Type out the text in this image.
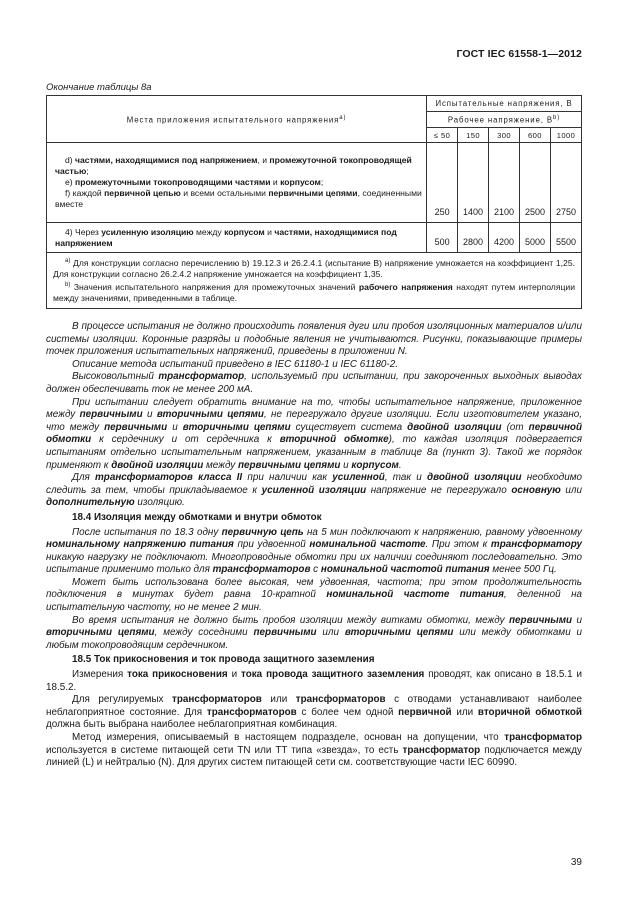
ГОСТ IEC 61558-1—2012
Окончание таблицы 8а
Места приложения испытательного напряжения$^{a)}$	Испытательные напряжения, В				
	Рабочее напряжение, $В^{b)}$
	≤ 50	150	300	600	1000

d) частями, находящимися под напряжением, и промежуточной токопроводящей частью;
e) промежуточными токопроводящими частями и корпусом;
f) каждой первичной цепью и всеми остальными первичными цепями, соединенными вместе	250	1400	2100	2500	2750

4) Через усиленную изоляцию между корпусом и частями, находящимися под напряжением	500	2800	4200	5000	5500

$^{a)}$ Для конструкции согласно перечислению b) 19.12.3 и 26.2.4.1 (испытание B) напряжение умножается на коэффициент 1,25. Для конструкции согласно 26.2.4.2 напряжение умножается на коэффициент 1,35.
$^{b)}$ Значения испытательного напряжения для промежуточных значений рабочего напряжения находят путем интерполяции между значениями, приведенными в таблице.					

В процессе испытания не должно происходить появления дуги или пробоя изоляционных материалов и/или системы изоляции. Коронные разряды и подобные явления не учитываются. Рисунки, показывающие примеры точек приложения испытательных напряжений, приведены в приложении N.

Описание метода испытаний приведено в IEC 61180-1 и IEC 61180-2.

Высоковольтный трансформатор, используемый при испытании, при закороченных выходных выводах должен обеспечивать ток не менее 200 мА.

При испытании следует обратить внимание на то, чтобы испытательное напряжение, приложенное между первичными и вторичными цепями, не перегружало другие изоляции. Если изготовителем указано, что между первичными и вторичными цепями существует система двойной изоляции (от первичной обмотки к сердечнику и от сердечника к вторичной обмотке), то каждая изоляция подвергается испытаниям отдельно испытательным напряжением, указанным в таблице 8а (пункт 3). Такой же порядок применяют к двойной изоляции между первичными цепями и корпусом.

Для трансформаторов класса II при наличии как усиленной, так и двойной изоляции необходимо следить за тем, чтобы прикладываемое к усиленной изоляции напряжение не перегружало основную или дополнительную изоляцию.

18.4 Изоляция между обмотками и внутри обмоток

После испытания по 18.3 одну первичную цепь на 5 мин подключают к напряжению, равному удвоенному номинальному напряжению питания при удвоенной номинальной частоте. При этом к трансформатору никакую нагрузку не подключают. Многопроводные обмотки при их наличии соединяют последовательно. Это испытание применимо только для трансформаторов с номинальной частотой питания менее 500 Гц.

Может быть использована более высокая, чем удвоенная, частота; при этом продолжительность подключения в минутах будет равна 10-кратной номинальной частоте питания, деленной на испытательную частоту, но не менее 2 мин.

Во время испытания не должно быть пробоя изоляции между витками обмотки, между первичными и вторичными цепями, между соседними первичными или вторичными цепями или между обмотками и любым токопроводящим сердечником.

18.5 Ток прикосновения и ток провода защитного заземления

Измерения тока прикосновения и тока провода защитного заземления проводят, как описано в 18.5.1 и 18.5.2.

Для регулируемых трансформаторов или трансформаторов с отводами устанавливают наиболее неблагоприятное состояние. Для трансформаторов с более чем одной первичной или вторичной обмоткой должна быть выбрана наиболее неблагоприятная комбинация.

Метод измерения, описываемый в настоящем подразделе, основан на допущении, что трансформатор используется в системе питающей сети TN или TT типа «звезда», то есть трансформатор подключается между линией (L) и нейтралью (N). Для других систем питающей сети см. соответствующие части IEC 60990.

39
